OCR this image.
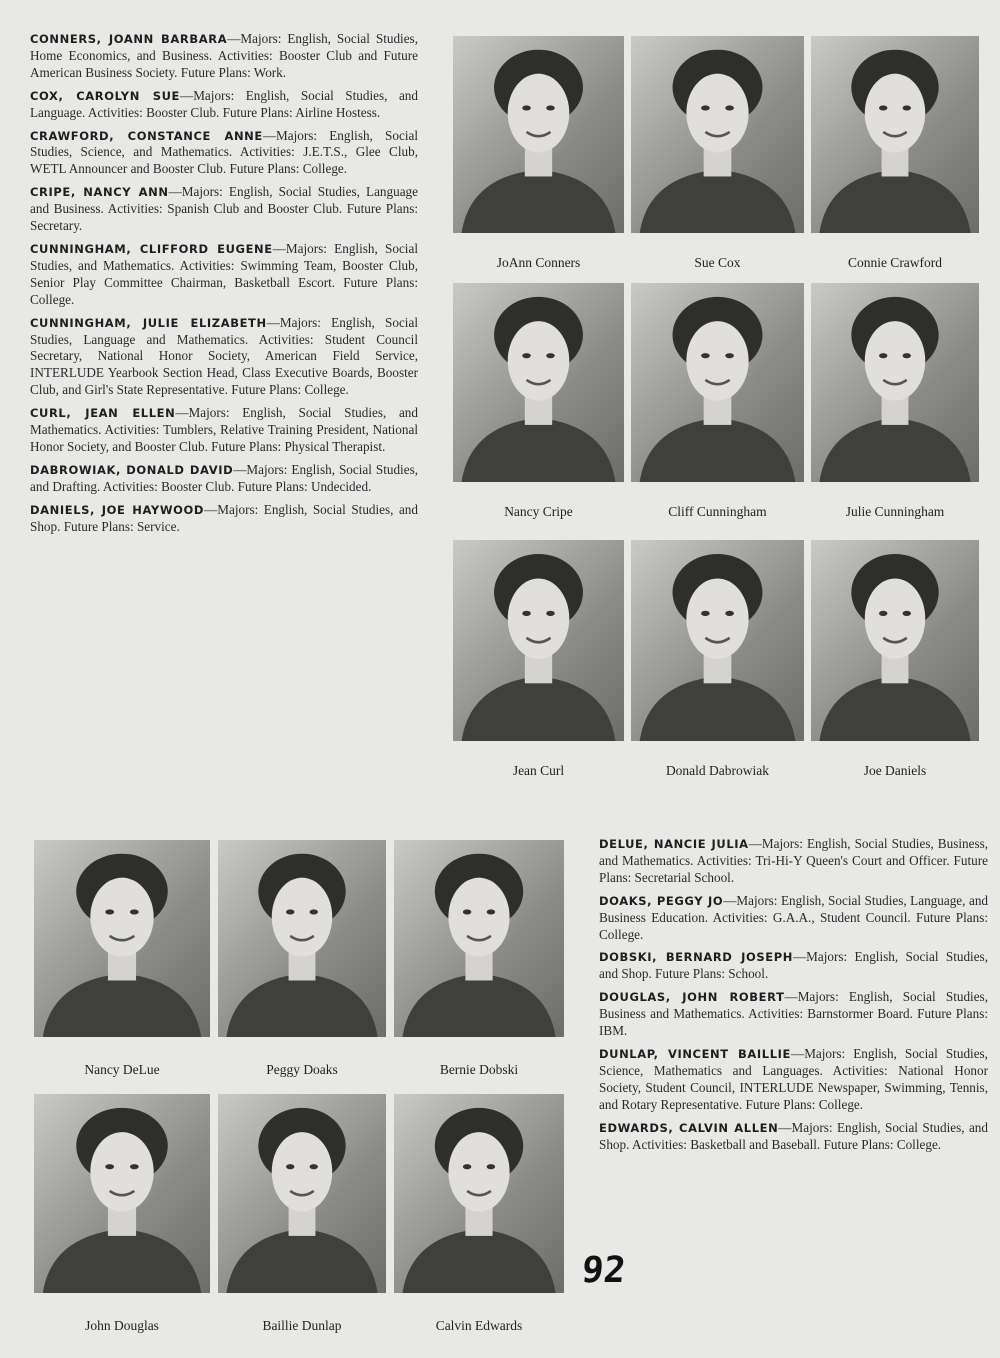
CONNERS, JOANN BARBARA—Majors: English, Social Studies, Home Economics, and Business. Activities: Booster Club and Future American Business Society. Future Plans: Work.

COX, CAROLYN SUE—Majors: English, Social Studies, and Language. Activities: Booster Club. Future Plans: Airline Hostess.

CRAWFORD, CONSTANCE ANNE—Majors: English, Social Studies, Science, and Mathematics. Activities: J.E.T.S., Glee Club, WETL Announcer and Booster Club. Future Plans: College.

CRIPE, NANCY ANN—Majors: English, Social Studies, Language and Business. Activities: Spanish Club and Booster Club. Future Plans: Secretary.

CUNNINGHAM, CLIFFORD EUGENE—Majors: English, Social Studies, and Mathematics. Activities: Swimming Team, Booster Club, Senior Play Committee Chairman, Basketball Escort. Future Plans: College.

CUNNINGHAM, JULIE ELIZABETH—Majors: English, Social Studies, Language and Mathematics. Activities: Student Council Secretary, National Honor Society, American Field Service, INTERLUDE Yearbook Section Head, Class Executive Boards, Booster Club, and Girl's State Representative. Future Plans: College.

CURL, JEAN ELLEN—Majors: English, Social Studies, and Mathematics. Activities: Tumblers, Relative Training President, National Honor Society, and Booster Club. Future Plans: Physical Therapist.

DABROWIAK, DONALD DAVID—Majors: English, Social Studies, and Drafting. Activities: Booster Club. Future Plans: Undecided.

DANIELS, JOE HAYWOOD—Majors: English, Social Studies, and Shop. Future Plans: Service.

DELUE, NANCIE JULIA—Majors: English, Social Studies, Business, and Mathematics. Activities: Tri-Hi-Y Queen's Court and Officer. Future Plans: Secretarial School.

DOAKS, PEGGY JO—Majors: English, Social Studies, Language, and Business Education. Activities: G.A.A., Student Council. Future Plans: College.

DOBSKI, BERNARD JOSEPH—Majors: English, Social Studies, and Shop. Future Plans: School.

DOUGLAS, JOHN ROBERT—Majors: English, Social Studies, Business and Mathematics. Activities: Barnstormer Board. Future Plans: IBM.

DUNLAP, VINCENT BAILLIE—Majors: English, Social Studies, Science, Mathematics and Languages. Activities: National Honor Society, Student Council, INTERLUDE Newspaper, Swimming, Tennis, and Rotary Representative. Future Plans: College.

EDWARDS, CALVIN ALLEN—Majors: English, Social Studies, and Shop. Activities: Basketball and Baseball. Future Plans: College.

JoAnn Conners	Sue Cox	Connie Crawford
Nancy Cripe	Cliff Cunningham	Julie Cunningham
Jean Curl	Donald Dabrowiak	Joe Daniels
Nancy DeLue	Peggy Doaks	Bernie Dobski
John Douglas	Baillie Dunlap	Calvin Edwards
92
